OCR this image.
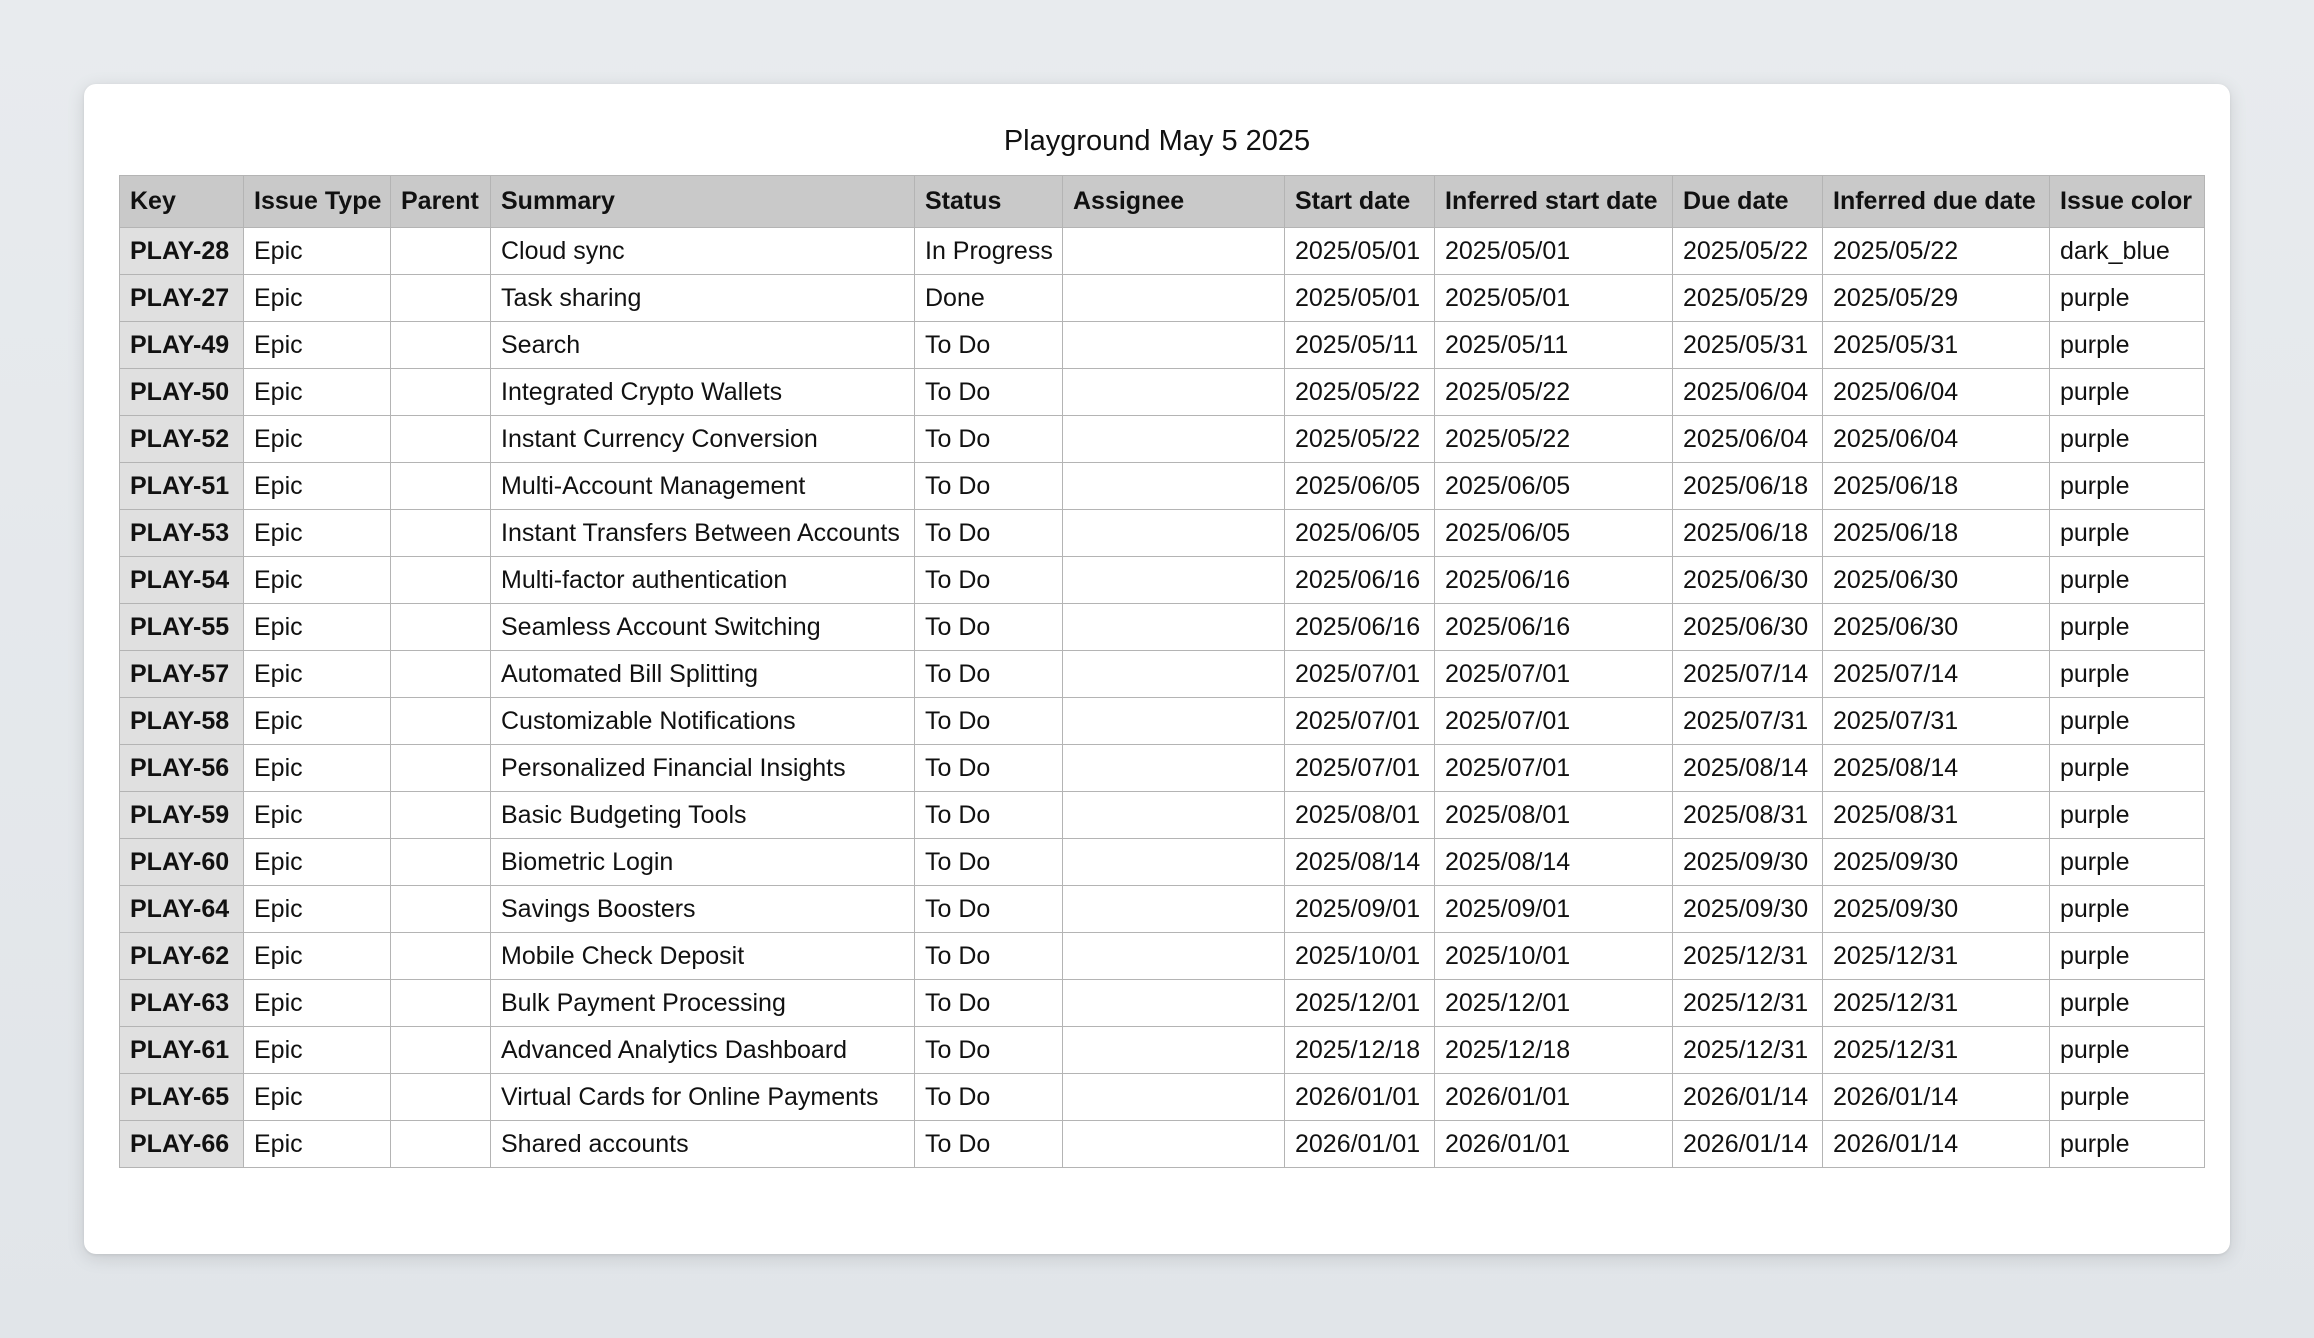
Playground May 5 2025
Key	Issue Type	Parent	Summary	Status	Assignee	Start date	Inferred start date	Due date	Inferred due date	Issue color
PLAY-28	Epic		Cloud sync	In Progress		2025/05/01	2025/05/01	2025/05/22	2025/05/22	dark_blue
PLAY-27	Epic		Task sharing	Done		2025/05/01	2025/05/01	2025/05/29	2025/05/29	purple
PLAY-49	Epic		Search	To Do		2025/05/11	2025/05/11	2025/05/31	2025/05/31	purple
PLAY-50	Epic		Integrated Crypto Wallets	To Do		2025/05/22	2025/05/22	2025/06/04	2025/06/04	purple
PLAY-52	Epic		Instant Currency Conversion	To Do		2025/05/22	2025/05/22	2025/06/04	2025/06/04	purple
PLAY-51	Epic		Multi-Account Management	To Do		2025/06/05	2025/06/05	2025/06/18	2025/06/18	purple
PLAY-53	Epic		Instant Transfers Between Accounts	To Do		2025/06/05	2025/06/05	2025/06/18	2025/06/18	purple
PLAY-54	Epic		Multi-factor authentication	To Do		2025/06/16	2025/06/16	2025/06/30	2025/06/30	purple
PLAY-55	Epic		Seamless Account Switching	To Do		2025/06/16	2025/06/16	2025/06/30	2025/06/30	purple
PLAY-57	Epic		Automated Bill Splitting	To Do		2025/07/01	2025/07/01	2025/07/14	2025/07/14	purple
PLAY-58	Epic		Customizable Notifications	To Do		2025/07/01	2025/07/01	2025/07/31	2025/07/31	purple
PLAY-56	Epic		Personalized Financial Insights	To Do		2025/07/01	2025/07/01	2025/08/14	2025/08/14	purple
PLAY-59	Epic		Basic Budgeting Tools	To Do		2025/08/01	2025/08/01	2025/08/31	2025/08/31	purple
PLAY-60	Epic		Biometric Login	To Do		2025/08/14	2025/08/14	2025/09/30	2025/09/30	purple
PLAY-64	Epic		Savings Boosters	To Do		2025/09/01	2025/09/01	2025/09/30	2025/09/30	purple
PLAY-62	Epic		Mobile Check Deposit	To Do		2025/10/01	2025/10/01	2025/12/31	2025/12/31	purple
PLAY-63	Epic		Bulk Payment Processing	To Do		2025/12/01	2025/12/01	2025/12/31	2025/12/31	purple
PLAY-61	Epic		Advanced Analytics Dashboard	To Do		2025/12/18	2025/12/18	2025/12/31	2025/12/31	purple
PLAY-65	Epic		Virtual Cards for Online Payments	To Do		2026/01/01	2026/01/01	2026/01/14	2026/01/14	purple
PLAY-66	Epic		Shared accounts	To Do		2026/01/01	2026/01/01	2026/01/14	2026/01/14	purple
